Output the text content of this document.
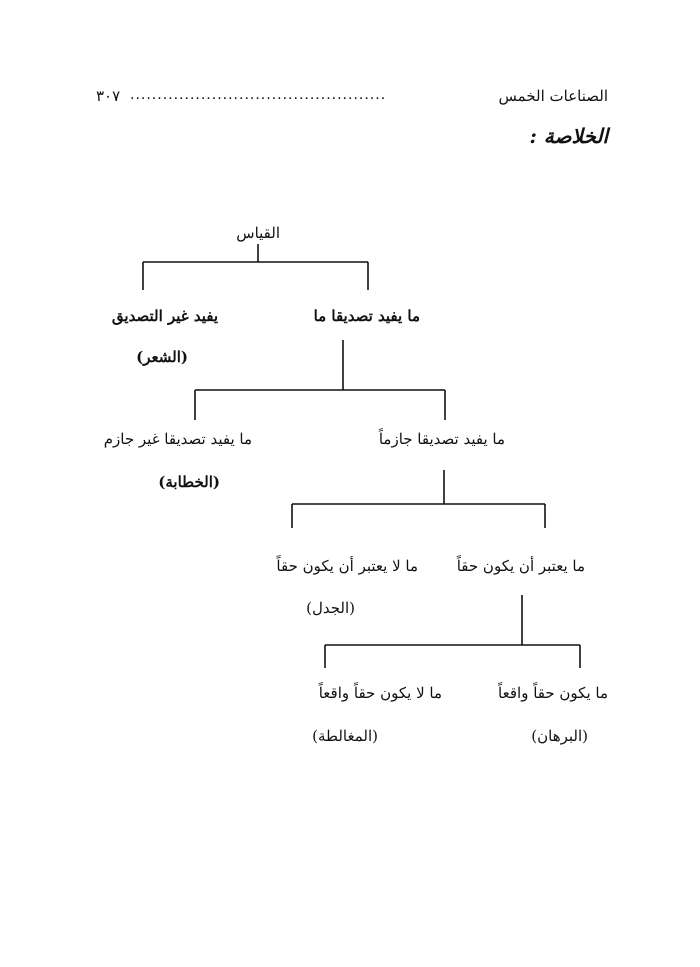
الصناعات الخمس
...............................................
٣٠٧
الخلاصة :
القياس
ما يفيد تصديقا ما
يفيد غير التصديق
(الشعر)
ما يفيد تصديقا جازماً
ما يفيد تصديقا غير جازم
(الخطابة)
ما يعتبر أن يكون حقاً
ما لا يعتبر أن يكون حقاً
(الجدل)
ما يكون حقاً واقعاً
(البرهان)
ما لا يكون حقاً واقعاً
(المغالطة)
